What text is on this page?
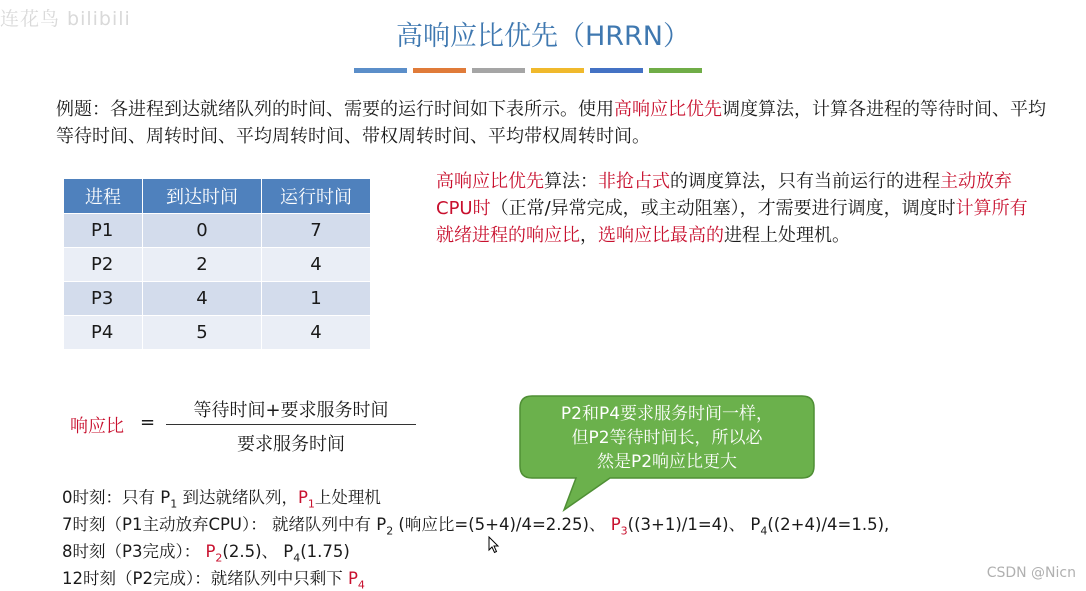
连花鸟 bilibili
高响应比优先（HRRN）
例题：各进程到达就绪队列的时间、需要的运行时间如下表所示。使用高响应比优先调度算法，计算各进程的等待时间、平均等待时间、周转时间、平均周转时间、带权周转时间、平均带权周转时间。
进程	到达时间	运行时间
P1	0	7
P2	2	4
P3	4	1
P4	5	4
高响应比优先算法：非抢占式的调度算法，只有当前运行的进程主动放弃CPU时（正常/异常完成，或主动阻塞），才需要进行调度，调度时计算所有就绪进程的响应比，选响应比最高的进程上处理机。
响应比 =
等待时间+要求服务时间
要求服务时间
P2和P4要求服务时间一样，
但P2等待时间长，所以必
然是P2响应比更大
0时刻：只有 $P_1$ 到达就绪队列，$P_1$上处理机
7时刻（P1主动放弃CPU）： 就绪队列中有 $P_2$ (响应比=(5+4)/4=2.25)、 $P_3((3+1)/1=4)$、 $P_4((2+4)/4=1.5)$,
8时刻（P3完成）： $P_2(2.5)$、 $P_4(1.75)$
12时刻（P2完成）：就绪队列中只剩下 $P_4$
CSDN @Nicn
